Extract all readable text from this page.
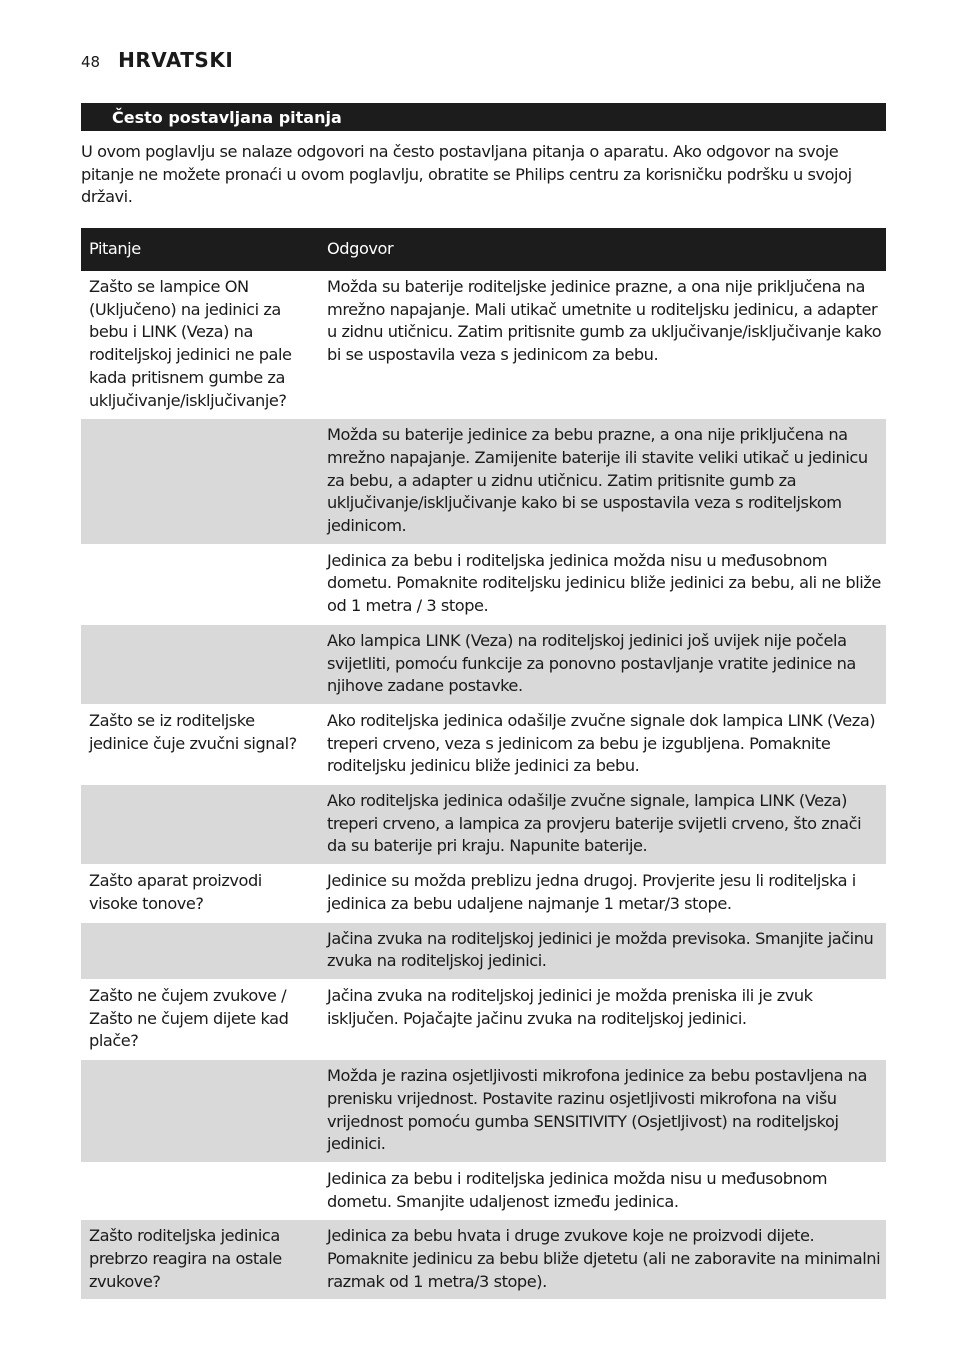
48 HRVATSKI
Često postavljana pitanja
U ovom poglavlju se nalaze odgovori na često postavljana pitanja o aparatu. Ako odgovor na svoje pitanje ne možete pronaći u ovom poglavlju, obratite se Philips centru za korisničku podršku u svojoj državi.
Pitanje	Odgovor
Zašto se lampice ON (Uključeno) na jedinici za bebu i LINK (Veza) na roditeljskoj jedinici ne pale kada pritisnem gumbe za uključivanje/isključivanje?	Možda su baterije roditeljske jedinice prazne, a ona nije priključena na mrežno napajanje. Mali utikač umetnite u roditeljsku jedinicu, a adapter u zidnu utičnicu. Zatim pritisnite gumb za uključivanje/isključivanje kako bi se uspostavila veza s jedinicom za bebu.
	Možda su baterije jedinice za bebu prazne, a ona nije priključena na mrežno napajanje. Zamijenite baterije ili stavite veliki utikač u jedinicu za bebu, a adapter u zidnu utičnicu. Zatim pritisnite gumb za uključivanje/isključivanje kako bi se uspostavila veza s roditeljskom jedinicom.
	Jedinica za bebu i roditeljska jedinica možda nisu u međusobnom dometu. Pomaknite roditeljsku jedinicu bliže jedinici za bebu, ali ne bliže od 1 metra / 3 stope.
	Ako lampica LINK (Veza) na roditeljskoj jedinici još uvijek nije počela svijetliti, pomoću funkcije za ponovno postavljanje vratite jedinice na njihove zadane postavke.
Zašto se iz roditeljske jedinice čuje zvučni signal?	Ako roditeljska jedinica odašilje zvučne signale dok lampica LINK (Veza) treperi crveno, veza s jedinicom za bebu je izgubljena. Pomaknite roditeljsku jedinicu bliže jedinici za bebu.
	Ako roditeljska jedinica odašilje zvučne signale, lampica LINK (Veza) treperi crveno, a lampica za provjeru baterije svijetli crveno, što znači da su baterije pri kraju. Napunite baterije.
Zašto aparat proizvodi visoke tonove?	Jedinice su možda preblizu jedna drugoj. Provjerite jesu li roditeljska i jedinica za bebu udaljene najmanje 1 metar/3 stope.
	Jačina zvuka na roditeljskoj jedinici je možda previsoka. Smanjite jačinu zvuka na roditeljskoj jedinici.
Zašto ne čujem zvukove / Zašto ne čujem dijete kad plače?	Jačina zvuka na roditeljskoj jedinici je možda preniska ili je zvuk isključen. Pojačajte jačinu zvuka na roditeljskoj jedinici.
	Možda je razina osjetljivosti mikrofona jedinice za bebu postavljena na prenisku vrijednost. Postavite razinu osjetljivosti mikrofona na višu vrijednost pomoću gumba SENSITIVITY (Osjetljivost) na roditeljskoj jedinici.
	Jedinica za bebu i roditeljska jedinica možda nisu u međusobnom dometu. Smanjite udaljenost između jedinica.
Zašto roditeljska jedinica prebrzo reagira na ostale zvukove?	Jedinica za bebu hvata i druge zvukove koje ne proizvodi dijete. Pomaknite jedinicu za bebu bliže djetetu (ali ne zaboravite na minimalni razmak od 1 metra/3 stope).
